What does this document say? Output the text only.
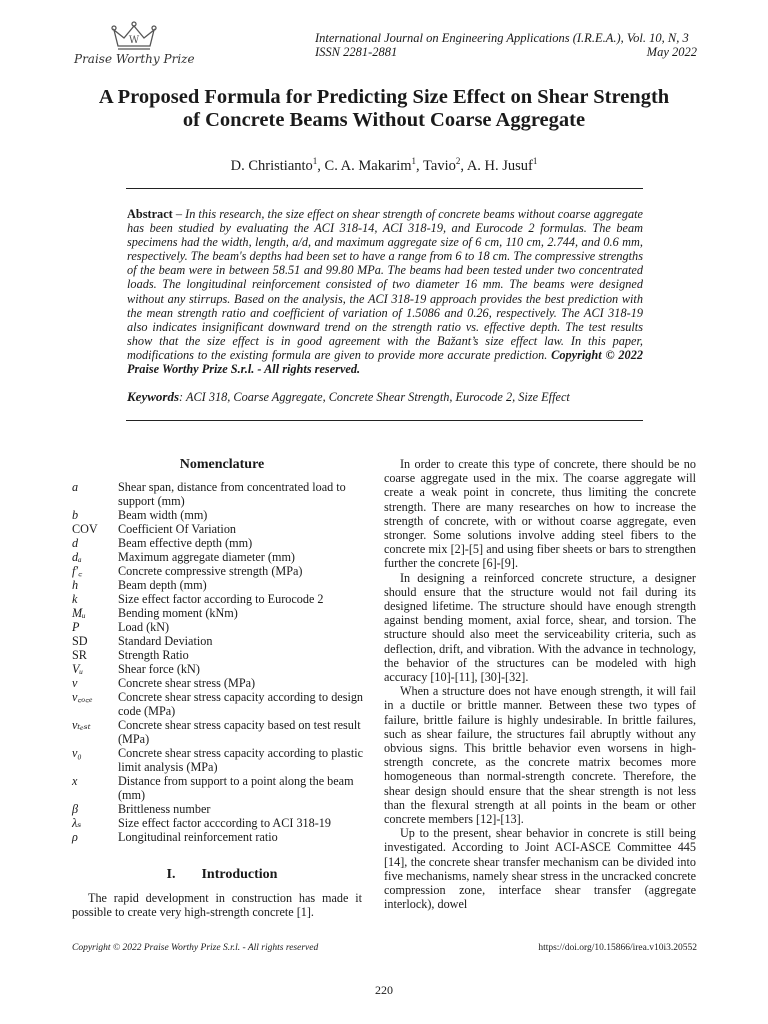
W
Praise Worthy Prize
International Journal on Engineering Applications (I.R.E.A.), Vol. 10, N, 3
ISSN 2281-2881	May 2022
A Proposed Formula for Predicting Size Effect on Shear Strength
of Concrete Beams Without Coarse Aggregate
D. Christianto$^1$, C. A. Makarim$^1$, Tavio$^2$, A. H. Jusuf$^1$
Abstract – In this research, the size effect on shear strength of concrete beams without coarse aggregate has been studied by evaluating the ACI 318-14, ACI 318-19, and Eurocode 2 formulas. The beam specimens had the width, length, a/d, and maximum aggregate size of 6 cm, 110 cm, 2.744, and 0.6 mm, respectively. The beam's depths had been set to have a range from 6 to 18 cm. The compressive strengths of the beam were in between 58.51 and 99.80 MPa. The beams had been tested under two concentrated loads. The longitudinal reinforcement consisted of two diameter 16 mm. The beams were designed without any stirrups. Based on the analysis, the ACI 318-19 approach provides the best prediction with the mean strength ratio and coefficient of variation of 1.5086 and 0.26, respectively. The ACI 318-19 also indicates insignificant downward trend on the strength ratio vs. effective depth. The test results show that the size effect is in good agreement with the Bažant’s size effect law. In this paper, modifications to the existing formula are given to provide more accurate prediction. Copyright © 2022 Praise Worthy Prize S.r.l. - All rights reserved.
Keywords: ACI 318, Coarse Aggregate, Concrete Shear Strength, Eurocode 2, Size Effect
Nomenclature
a	Shear span, distance from concentrated load to support (mm)
b	Beam width (mm)
COV	Coefficient Of Variation
d	Beam effective depth (mm)
dₐ	Maximum aggregate diameter (mm)
f′꜀	Concrete compressive strength (MPa)
h	Beam depth (mm)
k	Size effect factor according to Eurocode 2
Mᵤ	Bending moment (kNm)
P	Load (kN)
SD	Standard Deviation
SR	Strength Ratio
Vᵤ	Shear force (kN)
v	Concrete shear stress (MPa)
v꜀ₒ꜀ₑ	Concrete shear stress capacity according to design code (MPa)
vₜₑₛₜ	Concrete shear stress capacity based on test result (MPa)
v₀	Concrete shear stress capacity according to plastic limit analysis (MPa)
x	Distance from support to a point along the beam (mm)
β	Brittleness number
λₛ	Size effect factor acccording to ACI 318-19
ρ	Longitudinal reinforcement ratio
I. Introduction
The rapid development in construction has made it possible to create very high-strength concrete [1].

In order to create this type of concrete, there should be no coarse aggregate used in the mix. The coarse aggregate will create a weak point in concrete, thus limiting the concrete strength. There are many researches on how to increase the strength of concrete, with or without coarse aggregate, even stronger. Some solutions involve adding steel fibers to the concrete mix [2]-[5] and using fiber sheets or bars to strengthen further the concrete [6]-[9].

In designing a reinforced concrete structure, a designer should ensure that the structure would not fail during its designed lifetime. The structure should have enough strength against bending moment, axial force, shear, and torsion. The structure should also meet the serviceability criteria, such as deflection, drift, and vibration. With the advance in technology, the behavior of the structures can be modeled with high accuracy [10]-[11], [30]-[32].

When a structure does not have enough strength, it will fail in a ductile or brittle manner. Between these two types of failure, brittle failure is highly undesirable. In brittle failures, such as shear failure, the structures fail abruptly without any obvious signs. This brittle behavior even worsens in high-strength concrete, as the concrete matrix becomes more homogeneous than normal-strength concrete. Therefore, the shear design should ensure that the shear strength is not less than the flexural strength at all points in the beam or other concrete members [12]-[13].

Up to the present, shear behavior in concrete is still being investigated. According to Joint ACI-ASCE Committee 445 [14], the concrete shear transfer mechanism can be divided into five mechanisms, namely shear stress in the uncracked concrete compression zone, interface shear transfer (aggregate interlock), dowel

Copyright © 2022 Praise Worthy Prize S.r.l. - All rights reserved	https://doi.org/10.15866/irea.v10i3.20552
220
